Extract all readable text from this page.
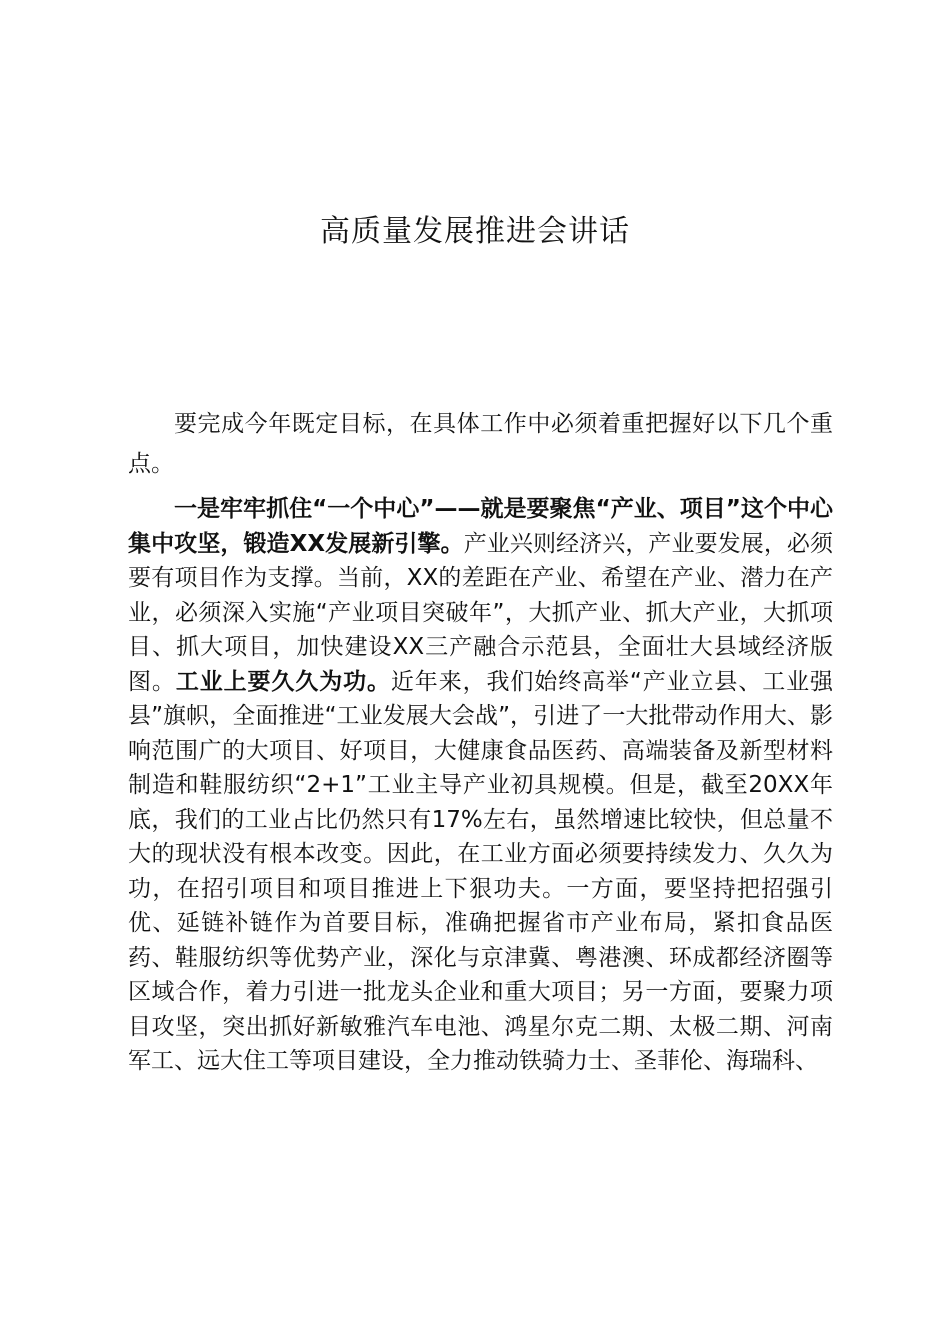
高质量发展推进会讲话

要完成今年既定目标，在具体工作中必须着重把握好以下几个重点。

一是牢牢抓住“一个中心”——就是要聚焦“产业、项目”这个中心集中攻坚，锻造XX发展新引擎。产业兴则经济兴，产业要发展，必须要有项目作为支撑。当前，XX的差距在产业、希望在产业、潜力在产业，必须深入实施“产业项目突破年”，大抓产业、抓大产业，大抓项目、抓大项目，加快建设XX三产融合示范县，全面壮大县域经济版图。工业上要久久为功。近年来，我们始终高举“产业立县、工业强县”旗帜，全面推进“工业发展大会战”，引进了一大批带动作用大、影响范围广的大项目、好项目，大健康食品医药、高端装备及新型材料制造和鞋服纺织“2+1”工业主导产业初具规模。但是，截至20XX年底，我们的工业占比仍然只有17%左右，虽然增速比较快，但总量不大的现状没有根本改变。因此，在工业方面必须要持续发力、久久为功，在招引项目和项目推进上下狠功夫。一方面，要坚持把招强引优、延链补链作为首要目标，准确把握省市产业布局，紧扣食品医药、鞋服纺织等优势产业，深化与京津冀、粤港澳、环成都经济圈等区域合作，着力引进一批龙头企业和重大项目；另一方面，要聚力项目攻坚，突出抓好新敏雅汽车电池、鸿星尔克二期、太极二期、河南军工、远大住工等项目建设，全力推动铁骑力士、圣菲伦、海瑞科、
